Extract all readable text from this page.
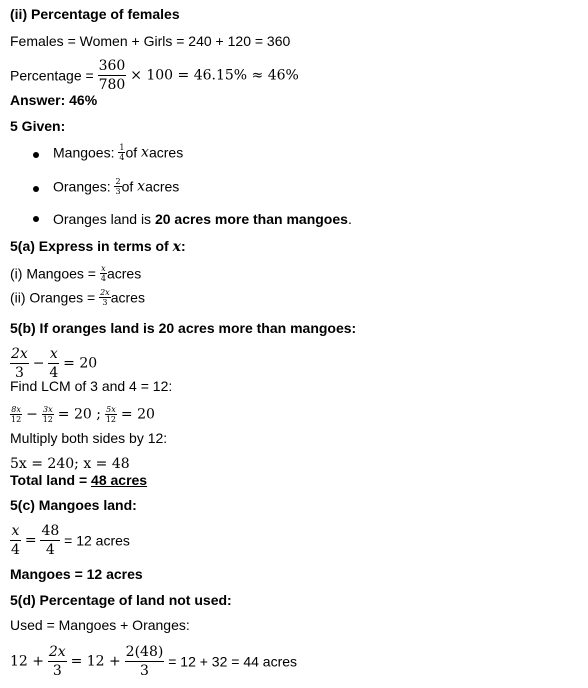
(ii) Percentage of females
Females = Women + Girls = 240 + 120 = 360
Percentage = $\frac{360}{780} \times 100 = 46.15\% \approx 46\%$
Answer: 46%
5 Given:
Mangoes: $\frac{1}{4}$ of xacres
Oranges: $\frac{2}{3}$ of xacres
Oranges land is 20 acres more than mangoes.
5(a) Express in terms of x:
(i) Mangoes = $\frac{x}{4}$ acres
(ii) Oranges = $\frac{2x}{3}$ acres
5(b) If oranges land is 20 acres more than mangoes:
$\frac{2x}{3} - \frac{x}{4} = 20$
Find LCM of 3 and 4 = 12:
$\frac{8x}{12} - \frac{3x}{12} = 20$ ; $\frac{5x}{12} = 20$
Multiply both sides by 12:
5x = 240; x = 48
Total land = 48 acres
5(c) Mangoes land:
$\frac{x}{4} = \frac{48}{4} = 12$ acres
Mangoes = 12 acres
5(d) Percentage of land not used:
Used = Mangoes + Oranges:
$12 + \frac{2x}{3} = 12 + \frac{2(48)}{3} = 12 + 32 = 44$ acres
